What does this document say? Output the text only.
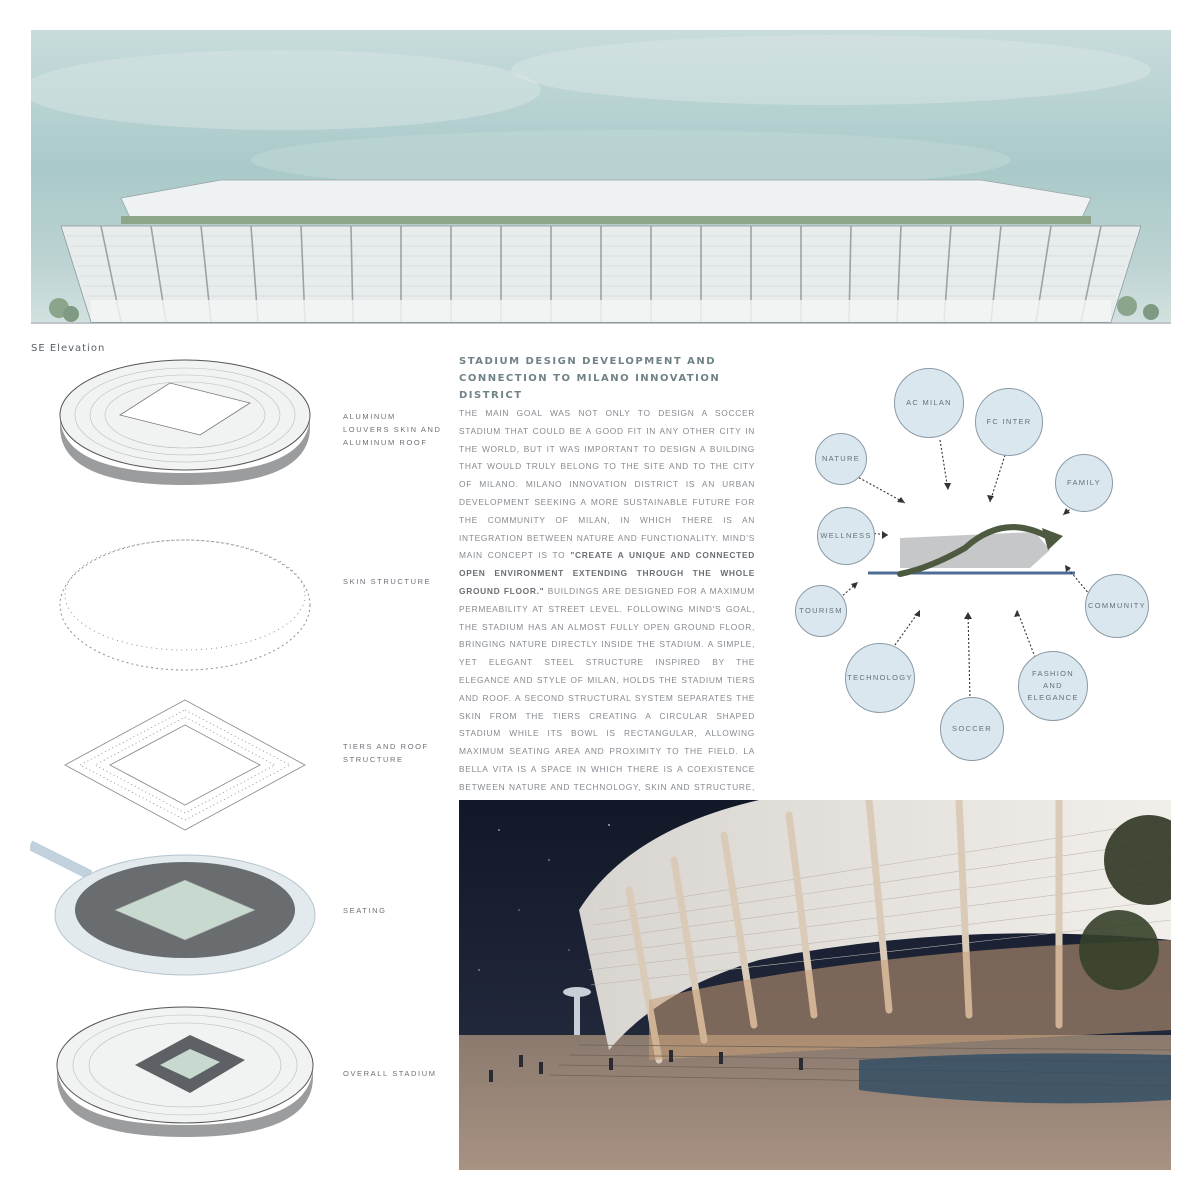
SE Elevation
ALUMINUM LOUVERS SKIN AND ALUMINUM ROOF
SKIN STRUCTURE
TIERS AND ROOF STRUCTURE
SEATING
OVERALL STADIUM
STADIUM DESIGN DEVELOPMENT AND CONNECTION TO MILANO INNOVATION DISTRICT
THE MAIN GOAL WAS NOT ONLY TO DESIGN A SOCCER STADIUM THAT COULD BE A GOOD FIT IN ANY OTHER CITY IN THE WORLD, BUT IT WAS IMPORTANT TO DESIGN A BUILDING THAT WOULD TRULY BELONG TO THE SITE AND TO THE CITY OF MILANO. MILANO INNOVATION DISTRICT IS AN URBAN DEVELOPMENT SEEKING A MORE SUSTAINABLE FUTURE FOR THE COMMUNITY OF MILAN, IN WHICH THERE IS AN INTEGRATION BETWEEN NATURE AND FUNCTIONALITY. MIND'S MAIN CONCEPT IS TO "CREATE A UNIQUE AND CONNECTED OPEN ENVIRONMENT EXTENDING THROUGH THE WHOLE GROUND FLOOR." BUILDINGS ARE DESIGNED FOR A MAXIMUM PERMEABILITY AT STREET LEVEL. FOLLOWING MIND'S GOAL, THE STADIUM HAS AN ALMOST FULLY OPEN GROUND FLOOR, BRINGING NATURE DIRECTLY INSIDE THE STADIUM. A SIMPLE, YET ELEGANT STEEL STRUCTURE INSPIRED BY THE ELEGANCE AND STYLE OF MILAN, HOLDS THE STADIUM TIERS AND ROOF. A SECOND STRUCTURAL SYSTEM SEPARATES THE SKIN FROM THE TIERS CREATING A CIRCULAR SHAPED STADIUM WHILE ITS BOWL IS RECTANGULAR, ALLOWING MAXIMUM SEATING AREA AND PROXIMITY TO THE FIELD. LA BELLA VITA IS A SPACE IN WHICH THERE IS A COEXISTENCE BETWEEN NATURE AND TECHNOLOGY, SKIN AND STRUCTURE,
AC MILAN
FC INTER
NATURE
FAMILY
WELLNESS
TOURISM
COMMUNITY
TECHNOLOGY	FASHION
AND
ELEGANCE
SOCCER
